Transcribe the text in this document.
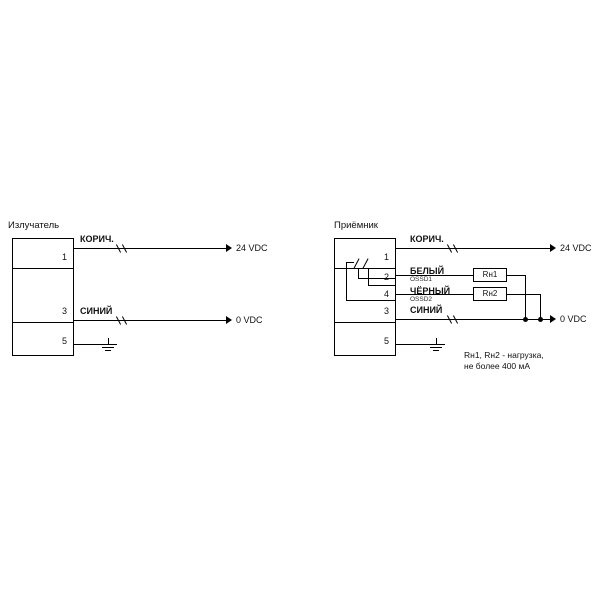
Излучатель
1
3
5
КОРИЧ.
24 VDC
СИНИЙ
0 VDC
Приёмник
1
2
4
3
5
КОРИЧ.
24 VDC
БЕЛЫЙ
OSSD1
Rн1
ЧЁРНЫЙ
OSSD2
Rн2
СИНИЙ
0 VDC
Rн1, Rн2 - нагрузка,
не более 400 мА
